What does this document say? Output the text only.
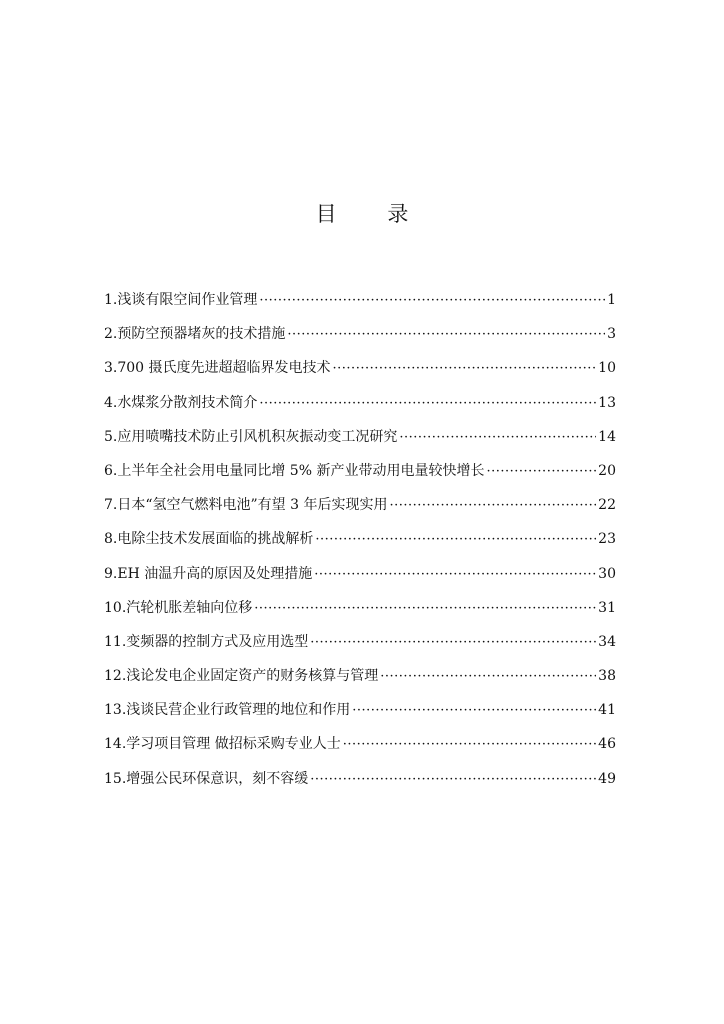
目 录
1. 浅谈有限空间作业管理 ·····	1
2. 预防空预器堵灰的技术措施 ·····	3
3. 700 摄氏度先进超超临界发电技术 ·····	10
4. 水煤浆分散剂技术简介 ·····	13
5. 应用喷嘴技术防止引风机积灰振动变工况研究 ·····	14
6. 上半年全社会用电量同比增 5% 新产业带动用电量较快增长 ·····	20
7. 日本“氢空气燃料电池”有望 3 年后实现实用 ·····	22
8. 电除尘技术发展面临的挑战解析 ·····	23
9. EH 油温升高的原因及处理措施 ·····	30
10. 汽轮机胀差轴向位移 ·····	31
11. 变频器的控制方式及应用选型 ·····	34
12. 浅论发电企业固定资产的财务核算与管理 ·····	38
13. 浅谈民营企业行政管理的地位和作用 ·····	41
14. 学习项目管理 做招标采购专业人士 ·····	46
15. 增强公民环保意识，刻不容缓 ·····	49
